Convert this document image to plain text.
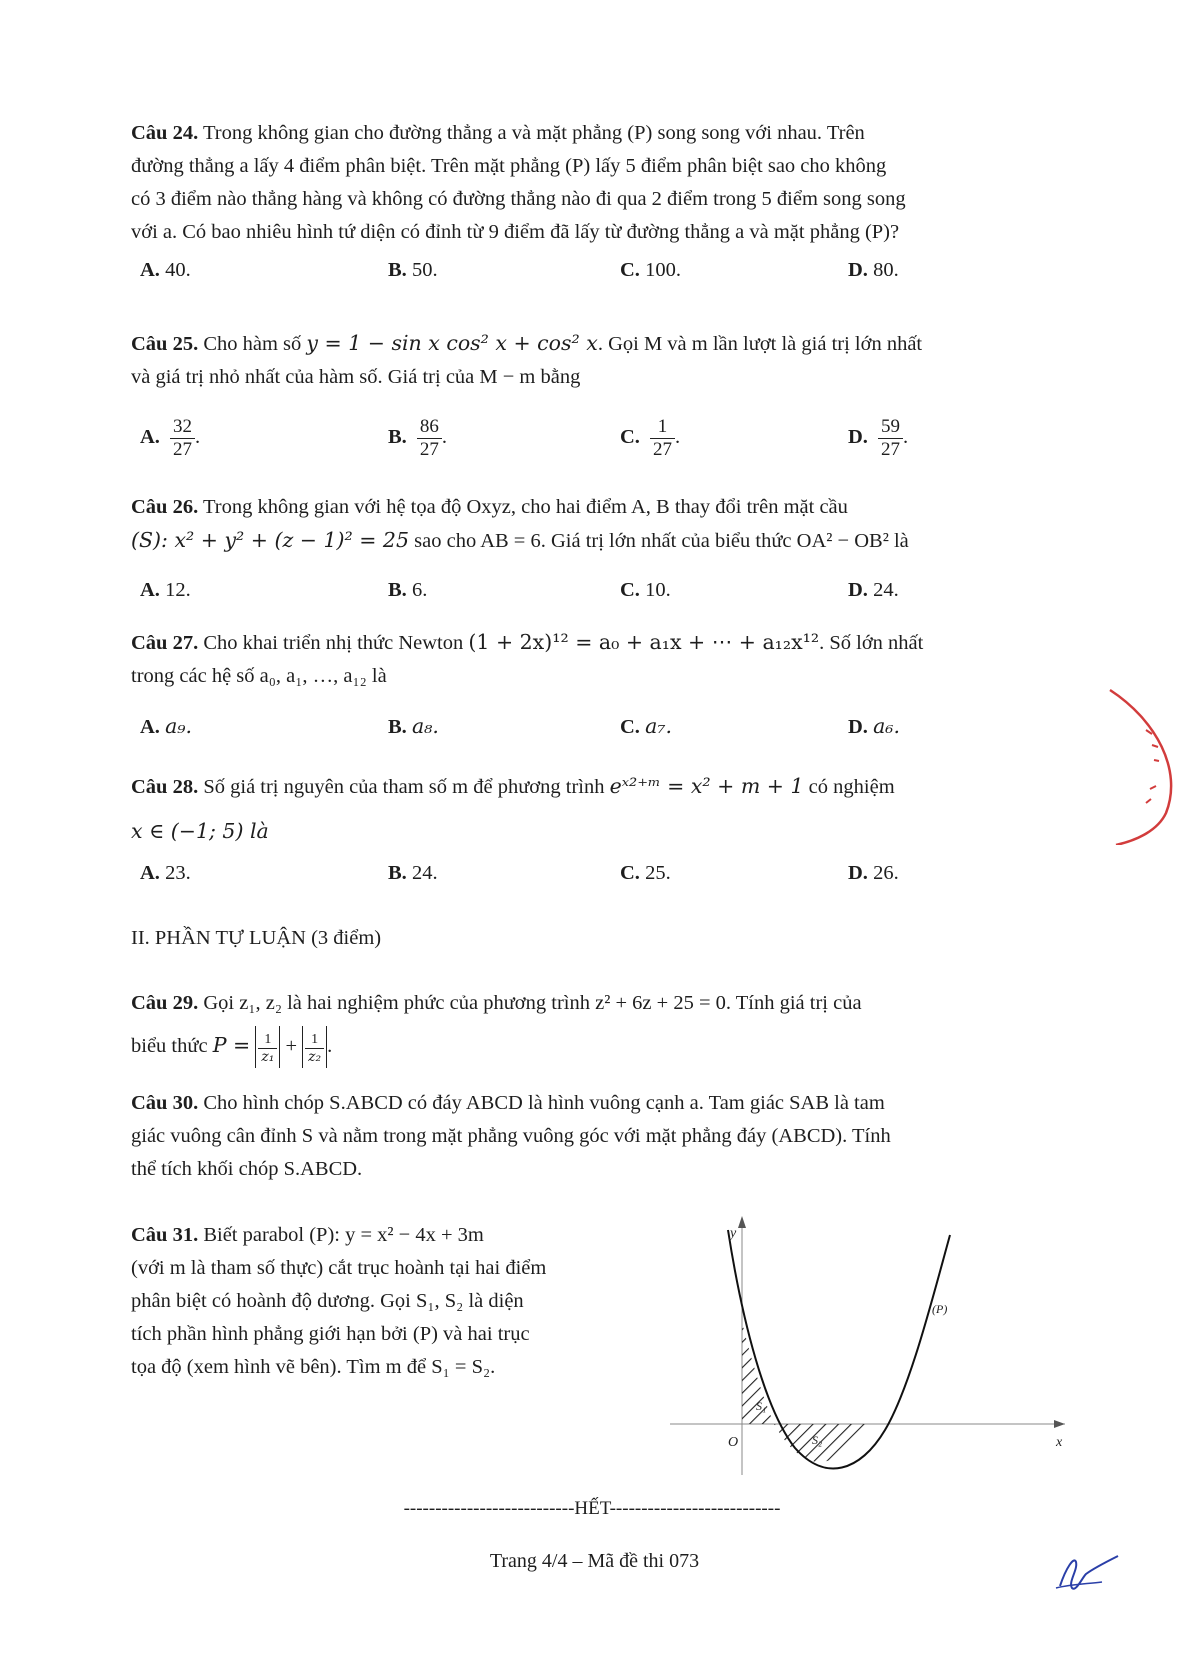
Câu 24. Trong không gian cho đường thẳng a và mặt phẳng (P) song song với nhau. Trên
đường thẳng a lấy 4 điểm phân biệt. Trên mặt phẳng (P) lấy 5 điểm phân biệt sao cho không
có 3 điểm nào thẳng hàng và không có đường thẳng nào đi qua 2 điểm trong 5 điểm song song
với a. Có bao nhiêu hình tứ diện có đỉnh từ 9 điểm đã lấy từ đường thẳng a và mặt phẳng (P)?
A. 40.	B. 50.	C. 100.	D. 80.
Câu 25. Cho hàm số y = 1 − sin x cos² x + cos² x. Gọi M và m lần lượt là giá trị lớn nhất
và giá trị nhỏ nhất của hàm số. Giá trị của M − m bằng
A. $\frac{32}{27}$ .	B. $\frac{86}{27}$ .	C. $\frac{1}{27}$ .	D. $\frac{59}{27}$ .
Câu 26. Trong không gian với hệ tọa độ Oxyz, cho hai điểm A, B thay đổi trên mặt cầu
(S): x² + y² + (z − 1)² = 25 sao cho AB = 6. Giá trị lớn nhất của biểu thức OA² − OB² là
A. 12.	B. 6.	C. 10.	D. 24.
Câu 27. Cho khai triển nhị thức Newton (1 + 2x)¹² = a₀ + a₁x + ⋯ + a₁₂x¹². Số lớn nhất
trong các hệ số a₀, a₁, …, a₁₂ là
A. a₉.	B. a₈.	C. a₇.	D. a₆.
Câu 28. Số giá trị nguyên của tham số m để phương trình eˣ²⁺ᵐ = x² + m + 1 có nghiệm
x ∈ (−1; 5) là
A. 23.	B. 24.	C. 25.	D. 26.
II. PHẦN TỰ LUẬN (3 điểm)
Câu 29. Gọi z₁, z₂ là hai nghiệm phức của phương trình z² + 6z + 25 = 0. Tính giá trị của
biểu thức $P = \frac{1}{\text{z₁}} + \frac{1}{\text{z₂}}$ .
Câu 30. Cho hình chóp S.ABCD có đáy ABCD là hình vuông cạnh a. Tam giác SAB là tam
giác vuông cân đỉnh S và nằm trong mặt phẳng vuông góc với mặt phẳng đáy (ABCD). Tính
thể tích khối chóp S.ABCD.
Câu 31. Biết parabol (P): y = x² − 4x + 3m
(với m là tham số thực) cắt trục hoành tại hai điểm
phân biệt có hoành độ dương. Gọi S₁, S₂ là diện
tích phần hình phẳng giới hạn bởi (P) và hai trục
tọa độ (xem hình vẽ bên). Tìm m để S₁ = S₂.
y
x
O
(P)
S₁
S₂
---------------------------HẾT---------------------------
Trang 4/4 – Mã đề thi 073
